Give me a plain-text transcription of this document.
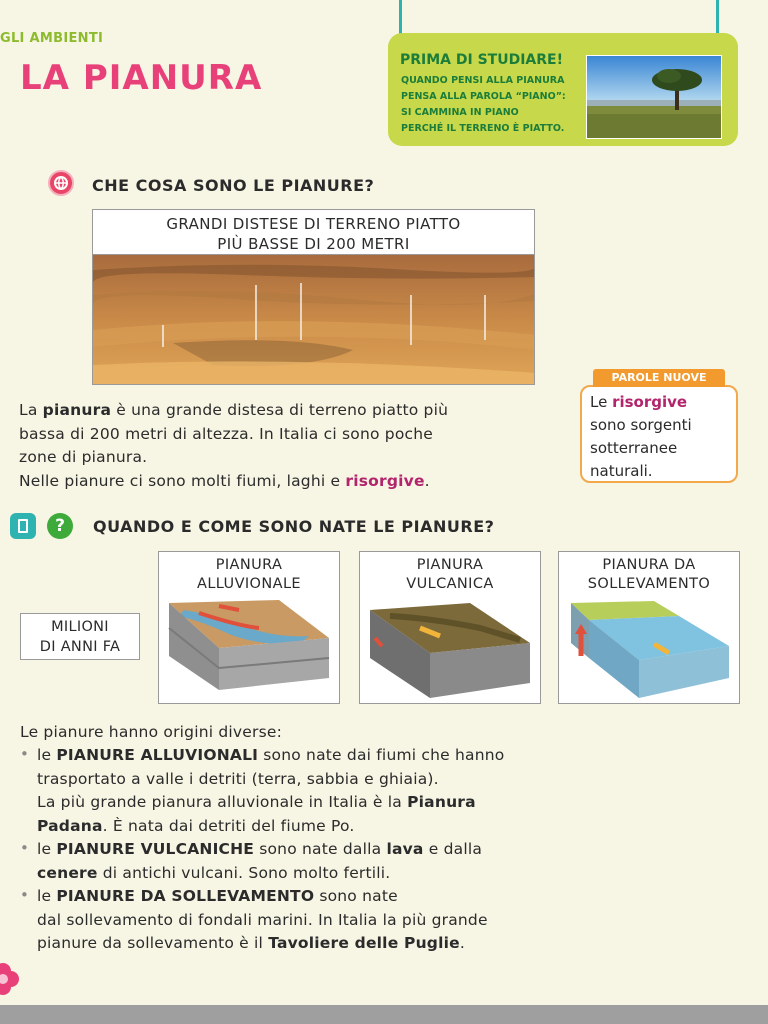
GLI AMBIENTI
LA PIANURA	PRIMA DI STUDIARE!
QUANDO PENSI ALLA PIANURA
PENSA ALLA PAROLA “PIANO”:
SI CAMMINA IN PIANO
PERCHÉ IL TERRENO È PIATTO.
CHE COSA SONO LE PIANURE?
GRANDI DISTESE DI TERRENO PIATTO
PIÙ BASSE DI 200 METRI
La pianura è una grande distesa di terreno piatto più
bassa di 200 metri di altezza. In Italia ci sono poche
zone di pianura.
Nelle pianure ci sono molti fiumi, laghi e risorgive.
PAROLE NUOVE
Le risorgive
sono sorgenti
sotterranee
naturali.
?	QUANDO E COME SONO NATE LE PIANURE?
MILIONI
DI ANNI FA
PIANURA
ALLUVIONALE
PIANURA
VULCANICA
PIANURA DA
SOLLEVAMENTO
Le pianure hanno origini diverse:
• le PIANURE ALLUVIONALI sono nate dai fiumi che hanno
trasportato a valle i detriti (terra, sabbia e ghiaia).
La più grande pianura alluvionale in Italia è la Pianura
Padana. È nata dai detriti del fiume Po.
• le PIANURE VULCANICHE sono nate dalla lava e dalla
cenere di antichi vulcani. Sono molto fertili.
• le PIANURE DA SOLLEVAMENTO sono nate
dal sollevamento di fondali marini. In Italia la più grande
pianure da sollevamento è il Tavoliere delle Puglie.
